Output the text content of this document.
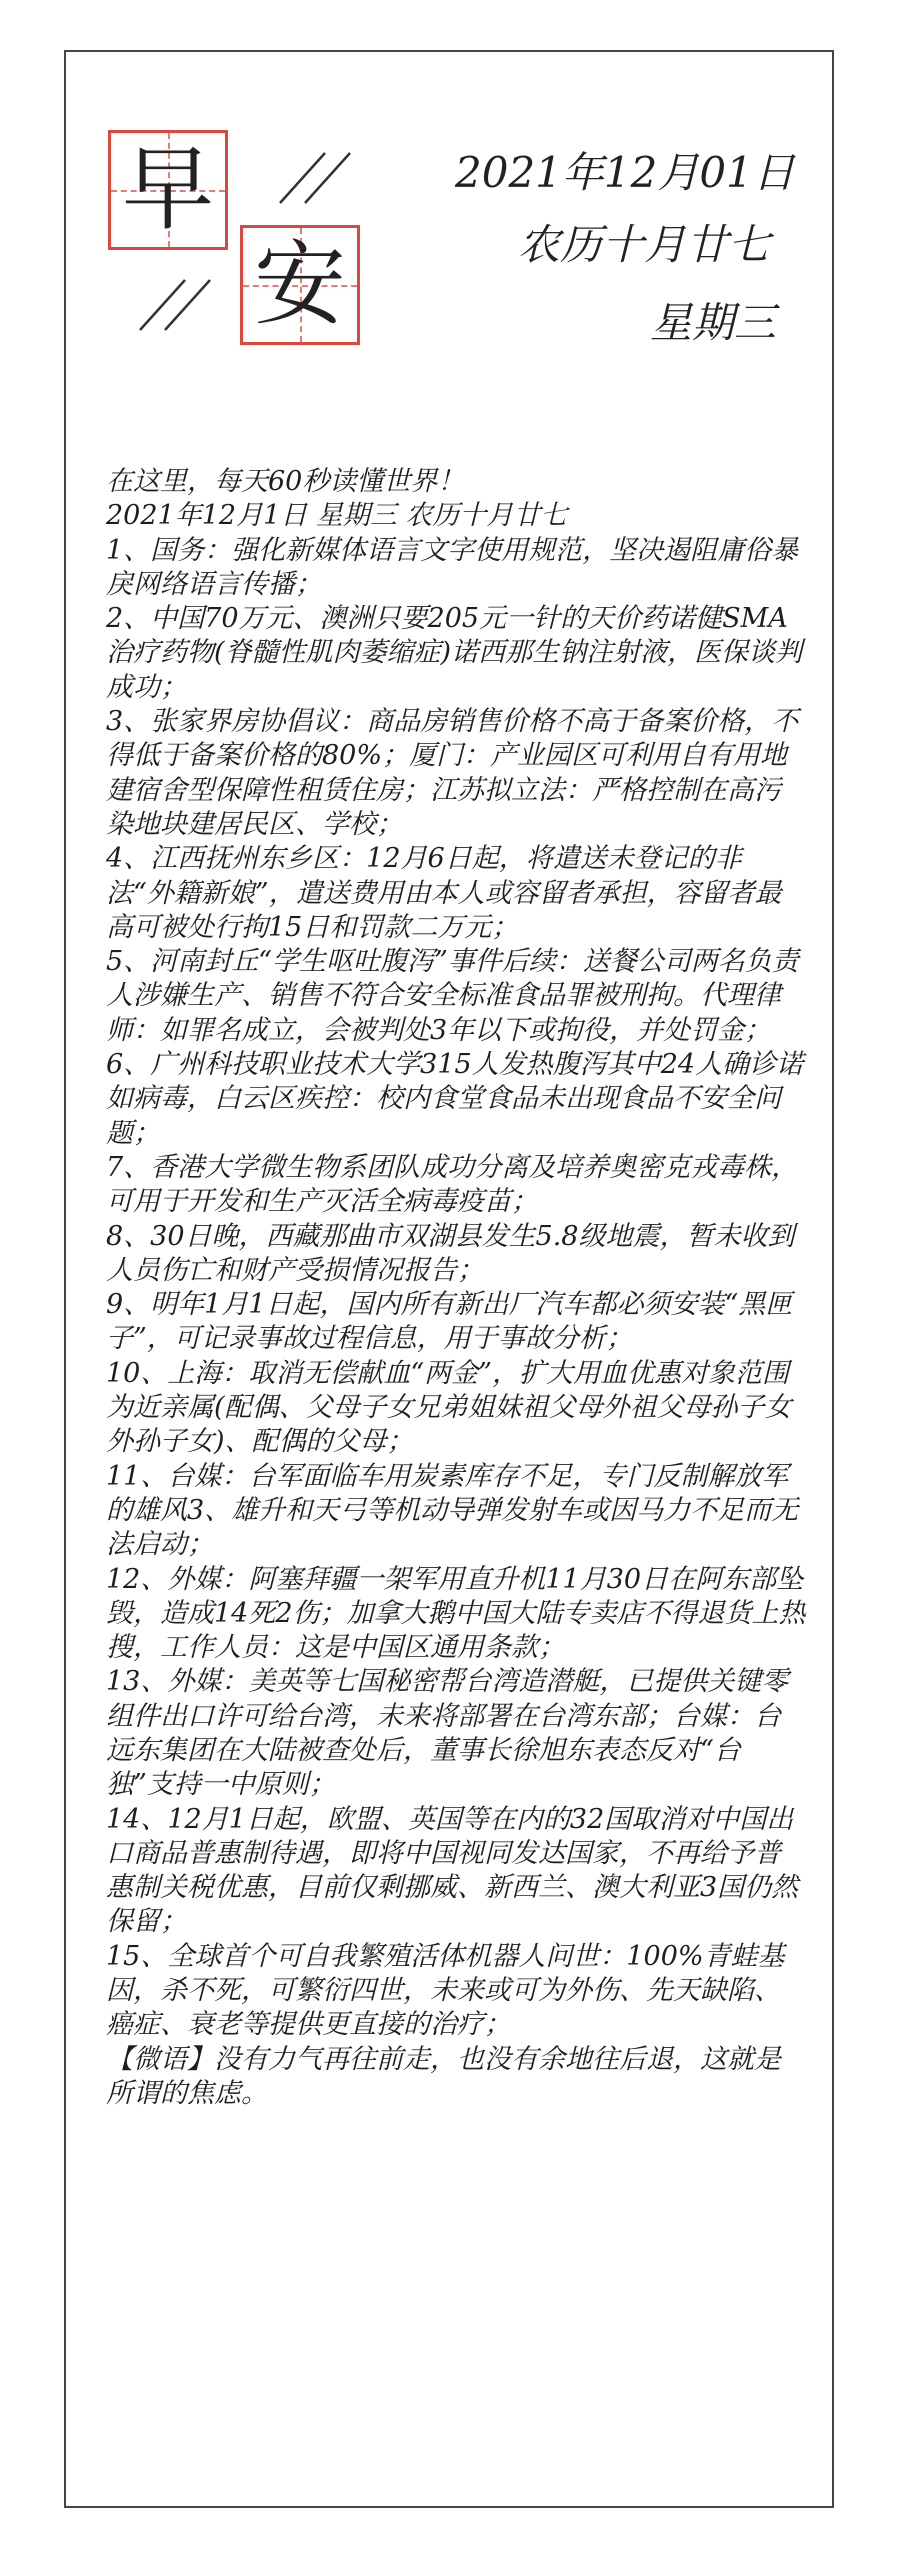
早
安
2021年12月01日
农历十月廿七
星期三

在这里，每天60秒读懂世界！

2021年12月1日 星期三 农历十月廿七

1、国务：强化新媒体语言文字使用规范，坚决遏阻庸俗暴戾网络语言传播；

2、中国70万元、澳洲只要205元一针的天价药诺健SMA治疗药物(脊髓性肌肉萎缩症)诺西那生钠注射液，医保谈判成功；

3、张家界房协倡议：商品房销售价格不高于备案价格，不得低于备案价格的80%；厦门：产业园区可利用自有用地建宿舍型保障性租赁住房；江苏拟立法：严格控制在高污染地块建居民区、学校；

4、江西抚州东乡区：12月6日起，将遣送未登记的非法“外籍新娘”，遣送费用由本人或容留者承担，容留者最高可被处行拘15日和罚款二万元；

5、河南封丘“学生呕吐腹泻”事件后续：送餐公司两名负责人涉嫌生产、销售不符合安全标准食品罪被刑拘。代理律师：如罪名成立，会被判处3年以下或拘役，并处罚金；

6、广州科技职业技术大学315人发热腹泻其中24人确诊诺如病毒，白云区疾控：校内食堂食品未出现食品不安全问题；

7、香港大学微生物系团队成功分离及培养奥密克戎毒株，可用于开发和生产灭活全病毒疫苗；

8、30日晚，西藏那曲市双湖县发生5.8级地震，暂未收到人员伤亡和财产受损情况报告；

9、明年1月1日起，国内所有新出厂汽车都必须安装“黑匣子”，可记录事故过程信息，用于事故分析；

10、上海：取消无偿献血“两金”，扩大用血优惠对象范围为近亲属(配偶、父母子女兄弟姐妹祖父母外祖父母孙子女外孙子女)、配偶的父母；

11、台媒：台军面临车用炭素库存不足，专门反制解放军的雄风3、雄升和天弓等机动导弹发射车或因马力不足而无法启动；

12、外媒：阿塞拜疆一架军用直升机11月30日在阿东部坠毁，造成14死2伤；加拿大鹅中国大陆专卖店不得退货上热搜，工作人员：这是中国区通用条款；

13、外媒：美英等七国秘密帮台湾造潜艇，已提供关键零组件出口许可给台湾，未来将部署在台湾东部；台媒：台远东集团在大陆被查处后，董事长徐旭东表态反对“台独”支持一中原则；

14、12月1日起，欧盟、英国等在内的32国取消对中国出口商品普惠制待遇，即将中国视同发达国家，不再给予普惠制关税优惠，目前仅剩挪威、新西兰、澳大利亚3国仍然保留；

15、全球首个可自我繁殖活体机器人问世：100%青蛙基因，杀不死，可繁衍四世，未来或可为外伤、先天缺陷、癌症、衰老等提供更直接的治疗；

【微语】没有力气再往前走，也没有余地往后退，这就是所谓的焦虑。
